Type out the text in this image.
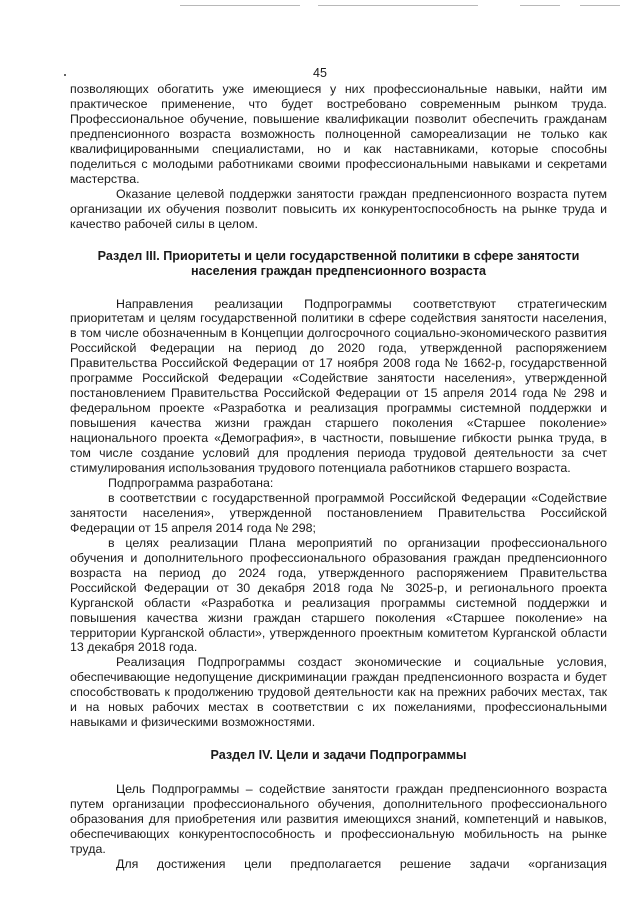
45

позволяющих обогатить уже имеющиеся у них профессиональные навыки, найти им практическое применение, что будет востребовано современным рынком труда. Профессиональное обучение, повышение квалификации позволит обеспечить гражданам предпенсионного возраста возможность полноценной самореализации не только как квалифицированными специалистами, но и как наставниками, которые способны поделиться с молодыми работниками своими профессиональными навыками и секретами мастерства.

Оказание целевой поддержки занятости граждан предпенсионного возраста путем организации их обучения позволит повысить их конкурентоспособность на рынке труда и качество рабочей силы в целом.

Раздел III. Приоритеты и цели государственной политики в сфере занятости населения граждан предпенсионного возраста

Направления реализации Подпрограммы соответствуют стратегическим приоритетам и целям государственной политики в сфере содействия занятости населения, в том числе обозначенным в Концепции долгосрочного социально-экономического развития Российской Федерации на период до 2020 года, утвержденной распоряжением Правительства Российской Федерации от 17 ноября 2008 года № 1662-р, государственной программе Российской Федерации «Содействие занятости населения», утвержденной постановлением Правительства Российской Федерации от 15 апреля 2014 года № 298 и федеральном проекте «Разработка и реализация программы системной поддержки и повышения качества жизни граждан старшего поколения «Старшее поколение» национального проекта «Демография», в частности, повышение гибкости рынка труда, в том числе создание условий для продления периода трудовой деятельности за счет стимулирования использования трудового потенциала работников старшего возраста.

Подпрограмма разработана:

в соответствии с государственной программой Российской Федерации «Содействие занятости населения», утвержденной постановлением Правительства Российской Федерации от 15 апреля 2014 года № 298;

в целях реализации Плана мероприятий по организации профессионального обучения и дополнительного профессионального образования граждан предпенсионного возраста на период до 2024 года, утвержденного распоряжением Правительства Российской Федерации от 30 декабря 2018 года № 3025-р, и регионального проекта Курганской области «Разработка и реализация программы системной поддержки и повышения качества жизни граждан старшего поколения «Старшее поколение» на территории Курганской области», утвержденного проектным комитетом Курганской области 13 декабря 2018 года.

Реализация Подпрограммы создаст экономические и социальные условия, обеспечивающие недопущение дискриминации граждан предпенсионного возраста и будет способствовать к продолжению трудовой деятельности как на прежних рабочих местах, так и на новых рабочих местах в соответствии с их пожеланиями, профессиональными навыками и физическими возможностями.

Раздел IV. Цели и задачи Подпрограммы

Цель Подпрограммы – содействие занятости граждан предпенсионного возраста путем организации профессионального обучения, дополнительного профессионального образования для приобретения или развития имеющихся знаний, компетенций и навыков, обеспечивающих конкурентоспособность и профессиональную мобильность на рынке труда.

Для достижения цели предполагается решение задачи «организация
